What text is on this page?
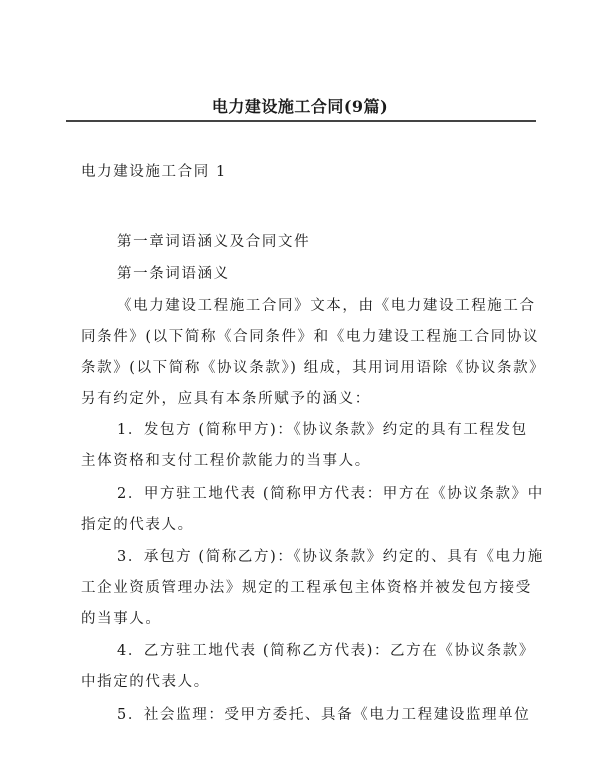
电力建设施工合同(9篇)
电力建设施工合同 1
第一章词语涵义及合同文件
第一条词语涵义
《电力建设工程施工合同》文本，由《电力建设工程施工合
同条件》(以下简称《合同条件》和《电力建设工程施工合同协议
条款》(以下简称《协议条款》) 组成，其用词用语除《协议条款》
另有约定外，应具有本条所赋予的涵义：
1．发包方 (简称甲方)：《协议条款》约定的具有工程发包
主体资格和支付工程价款能力的当事人。
2．甲方驻工地代表 (简称甲方代表：甲方在《协议条款》中
指定的代表人。
3．承包方 (简称乙方)：《协议条款》约定的、具有《电力施
工企业资质管理办法》规定的工程承包主体资格并被发包方接受
的当事人。
4．乙方驻工地代表 (简称乙方代表)：乙方在《协议条款》
中指定的代表人。
5．社会监理：受甲方委托、具备《电力工程建设监理单位
